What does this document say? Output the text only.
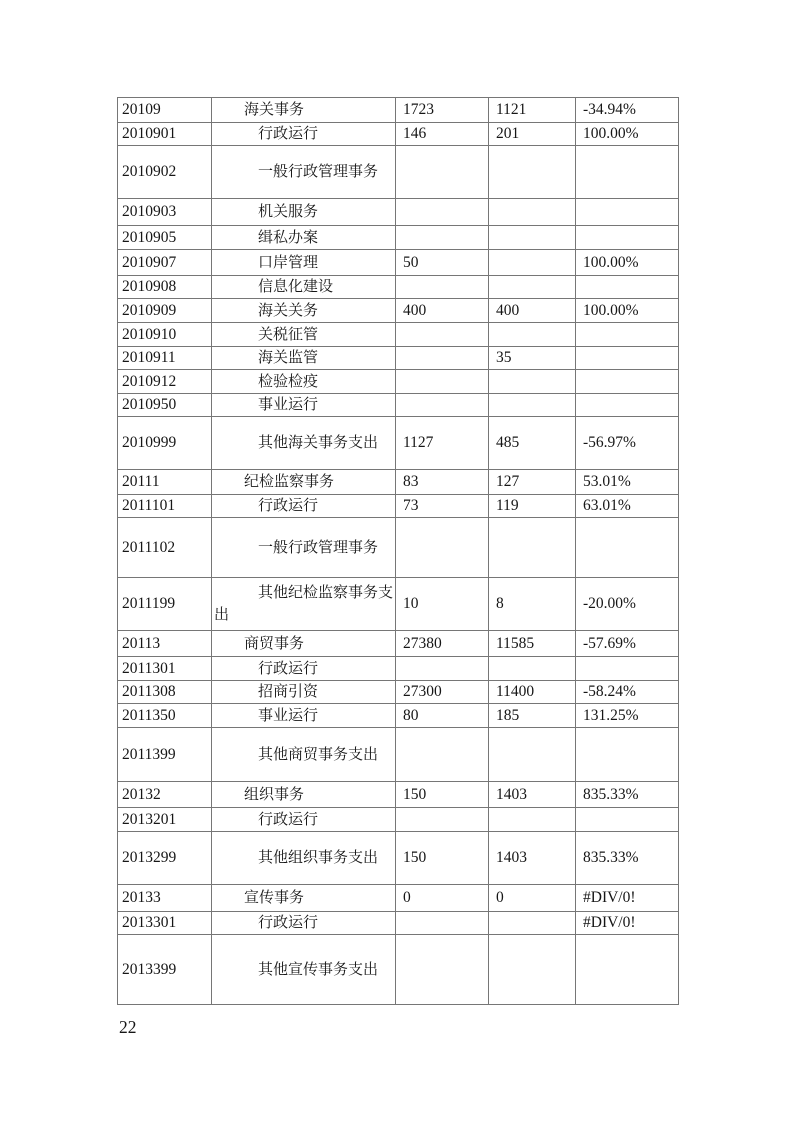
20109	海关事务	1723	1121	-34.94%
2010901	行政运行	146	201	100.00%
2010902	一般行政管理事务			

2010903	机关服务			

2010905	缉私办案			

2010907	口岸管理	50		100.00%
2010908	信息化建设			

2010909	海关关务	400	400	100.00%
2010910	关税征管			

2010911	海关监管		35	
2010912	检验检疫			

2010950	事业运行			

2010999	其他海关事务支出	1127	485	-56.97%
20111	纪检监察事务	83	127	53.01%
2011101	行政运行	73	119	63.01%
2011102	一般行政管理事务			

2011199	其他纪检监察事务支出	10	8	-20.00%
20113	商贸事务	27380	11585	-57.69%
2011301	行政运行			

2011308	招商引资	27300	11400	-58.24%
2011350	事业运行	80	185	131.25%
2011399	其他商贸事务支出			

20132	组织事务	150	1403	835.33%
2013201	行政运行			

2013299	其他组织事务支出	150	1403	835.33%
20133	宣传事务	0	0	#DIV/0!
2013301	行政运行			#DIV/0!
2013399	其他宣传事务支出			

22
